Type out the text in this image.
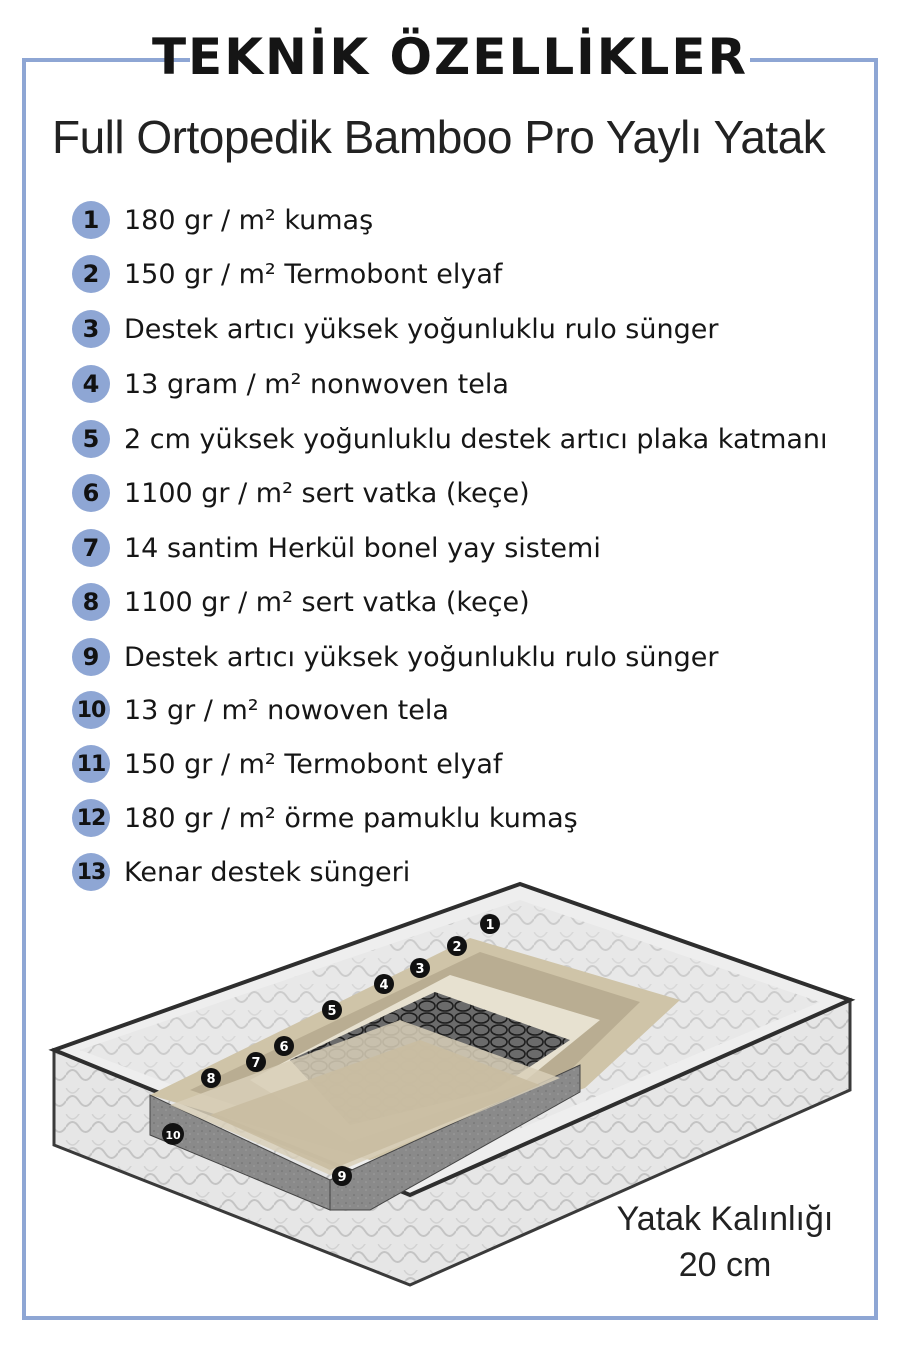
TEKNİK ÖZELLİKLER
Full Ortopedik Bamboo Pro Yaylı Yatak
1 180 gr / m² kumaş
2 150 gr / m² Termobont elyaf
3 Destek artıcı yüksek yoğunluklu rulo sünger
4 13 gram / m² nonwoven tela
5 2 cm yüksek yoğunluklu destek artıcı plaka katmanı
6 1100 gr / m² sert vatka (keçe)
7 14 santim Herkül bonel yay sistemi
8 1100 gr / m² sert vatka (keçe)
9 Destek artıcı yüksek yoğunluklu rulo sünger
10 13 gr / m² nowoven tela
11 150 gr / m² Termobont elyaf
12 180 gr / m² örme pamuklu kumaş
13 Kenar destek süngeri
1
2
3
4
5
6
7
8
9
10
Yatak Kalınlığı
20 cm
